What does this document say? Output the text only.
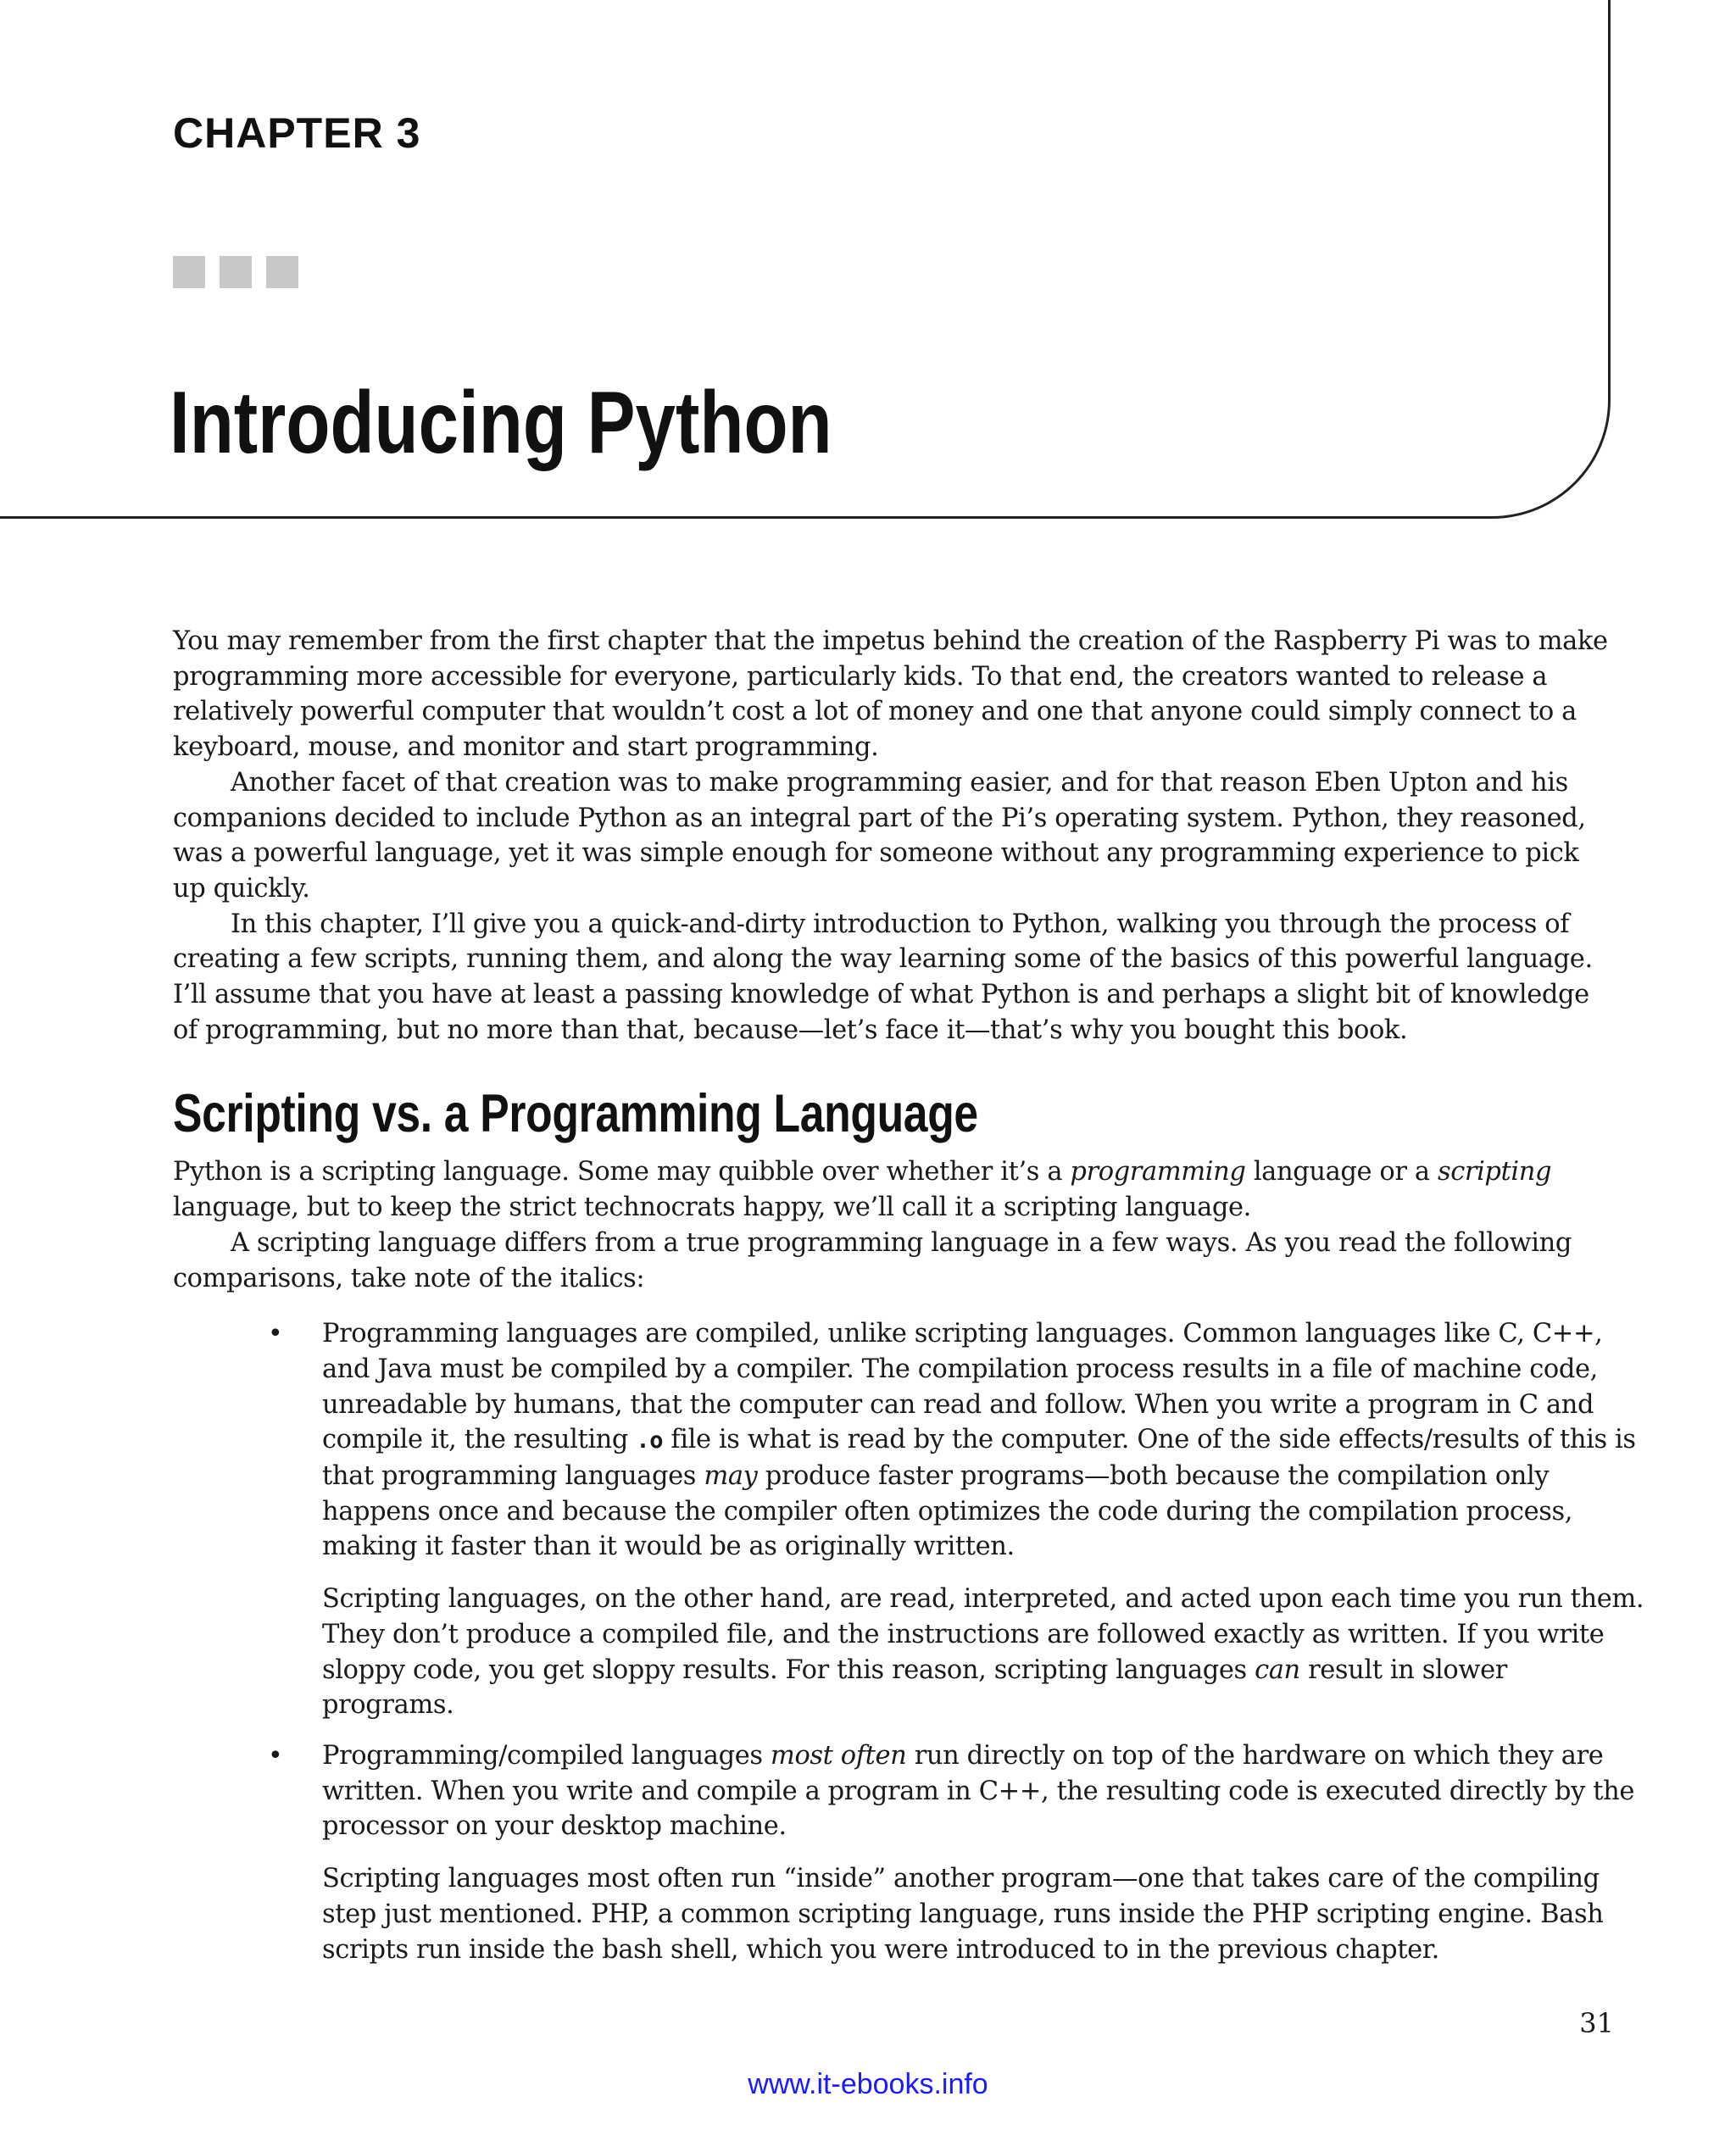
CHAPTER 3
Introducing Python

You may remember from the first chapter that the impetus behind the creation of the Raspberry Pi was to make programming more accessible for everyone, particularly kids. To that end, the creators wanted to release a relatively powerful computer that wouldn’t cost a lot of money and one that anyone could simply connect to a keyboard, mouse, and monitor and start programming.

Another facet of that creation was to make programming easier, and for that reason Eben Upton and his companions decided to include Python as an integral part of the Pi’s operating system. Python, they reasoned, was a powerful language, yet it was simple enough for someone without any programming experience to pick up quickly.

In this chapter, I’ll give you a quick-and-dirty introduction to Python, walking you through the process of creating a few scripts, running them, and along the way learning some of the basics of this powerful language. I’ll assume that you have at least a passing knowledge of what Python is and perhaps a slight bit of knowledge of programming, but no more than that, because—let’s face it—that’s why you bought this book.

Scripting vs. a Programming Language

Python is a scripting language. Some may quibble over whether it’s a programming language or a scripting language, but to keep the strict technocrats happy, we’ll call it a scripting language.

A scripting language differs from a true programming language in a few ways. As you read the following comparisons, take note of the italics:

• Programming languages are compiled, unlike scripting languages. Common languages like C, C++, and Java must be compiled by a compiler. The compilation process results in a file of machine code, unreadable by humans, that the computer can read and follow. When you write a program in C and compile it, the resulting .o file is what is read by the computer. One of the side effects/results of this is that programming languages may produce faster programs—both because the compilation only happens once and because the compiler often optimizes the code during the compilation process, making it faster than it would be as originally written.

Scripting languages, on the other hand, are read, interpreted, and acted upon each time you run them. They don’t produce a compiled file, and the instructions are followed exactly as written. If you write sloppy code, you get sloppy results. For this reason, scripting languages can result in slower programs.

• Programming/compiled languages most often run directly on top of the hardware on which they are written. When you write and compile a program in C++, the resulting code is executed directly by the processor on your desktop machine.

Scripting languages most often run “inside” another program—one that takes care of the compiling step just mentioned. PHP, a common scripting language, runs inside the PHP scripting engine. Bash scripts run inside the bash shell, which you were introduced to in the previous chapter.

31
www.it-ebooks.info
